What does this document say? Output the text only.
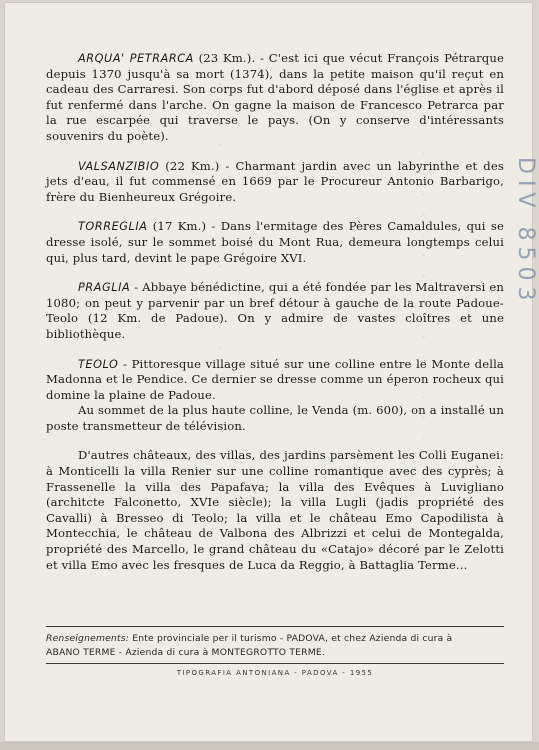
· · · · · · · · · · · · · · ·	· · · · · · · · · · · · · · · · ·

ARQUA' PETRARCA (23 Km.). - C'est ici que vécut François Pétrarque depuis 1370 jusqu'à sa mort (1374), dans la petite maison qu'il reçut en cadeau des Carraresi. Son corps fut d'abord déposé dans l'église et après il fut renfermé dans l'arche. On gagne la maison de Francesco Petrarca par la rue escarpée qui traverse le pays. (On y conserve d'intéressants souvenirs du poète).

VALSANZIBIO (22 Km.) - Charmant jardin avec un labyrinthe et des jets d'eau, il fut commensé en 1669 par le Procureur Antonio Barbarigo, frère du Bienheureux Grégoire.

TORREGLIA (17 Km.) - Dans l'ermitage des Pères Camaldules, qui se dresse isolé, sur le sommet boisé du Mont Rua, demeura longtemps celui qui, plus tard, devint le pape Grégoire XVI.

PRAGLIA - Abbaye bénédictine, qui a été fondée par les Maltraversi en 1080; on peut y parvenir par un bref détour à gauche de la route Padoue-Teolo (12 Km. de Padoue). On y admire de vastes cloîtres et une bibliothèque.

TEOLO - Pittoresque village situé sur une colline entre le Monte della Madonna et le Pendice. Ce dernier se dresse comme un éperon rocheux qui domine la plaine de Padoue.

Au sommet de la plus haute colline, le Venda (m. 600), on a installé un poste transmetteur de télévision.

D'autres châteaux, des villas, des jardins parsèment les Colli Euganei: à Monticelli la villa Renier sur une colline romantique avec des cyprès; à Frassenelle la villa des Papafava; la villa des Evêques à Luvigliano (architcte Falconetto, XVIe siècle); la villa Lugli (jadis propriété des Cavalli) à Bresseo di Teolo; la villa et le château Emo Capodilista à Montecchia, le château de Valbona des Albrizzi et celui de Montegalda, propriété des Marcello, le grand château du «Catajo» décoré par le Zelotti et villa Emo avec les fresques de Luca da Reggio, à Battaglia Terme...

Renseignements: Ente provinciale per il turismo - PADOVA, et chez Azienda di cura à
ABANO TERME - Azienda di cura à MONTEGROTTO TERME.
TIPOGRAFIA ANTONIANA - PADOVA - 1955
DIV 8503
